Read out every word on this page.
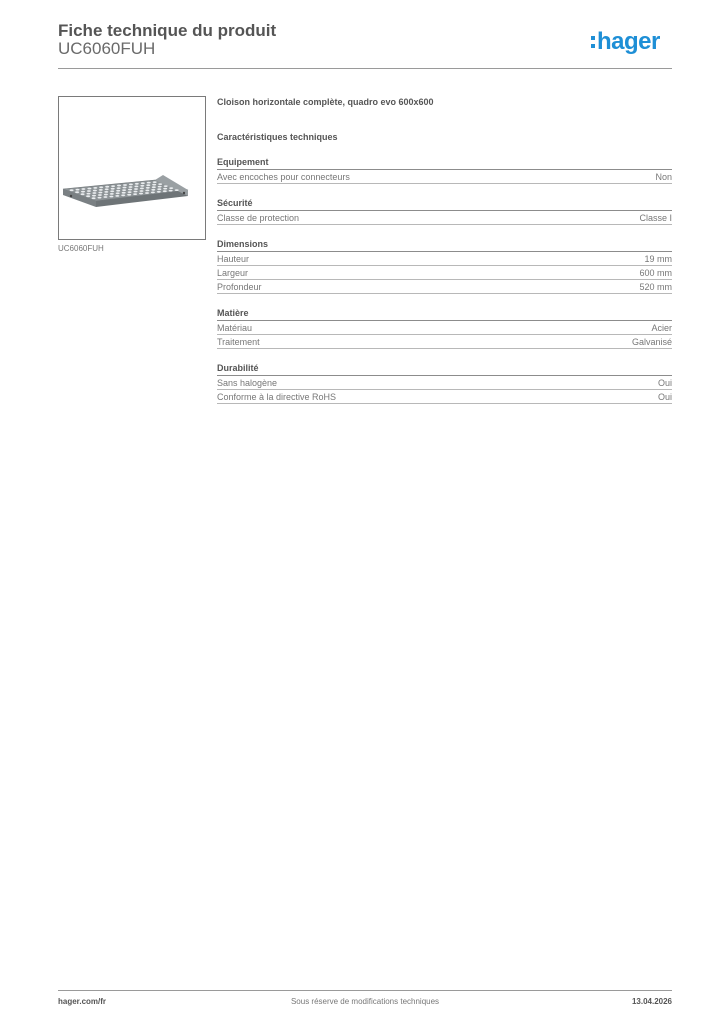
Fiche technique du produit
UC6060FUH	hager
UC6060FUH
Cloison horizontale complète, quadro evo 600x600
Caractéristiques techniques
Equipement
Avec encoches pour connecteurs	Non
Sécurité
Classe de protection	Classe I
Dimensions
Hauteur	19 mm
Largeur	600 mm
Profondeur	520 mm
Matière
Matériau	Acier
Traitement	Galvanisé
Durabilité
Sans halogène	Oui
Conforme à la directive RoHS	Oui
hager.com/fr	Sous réserve de modifications techniques	13.04.2026
